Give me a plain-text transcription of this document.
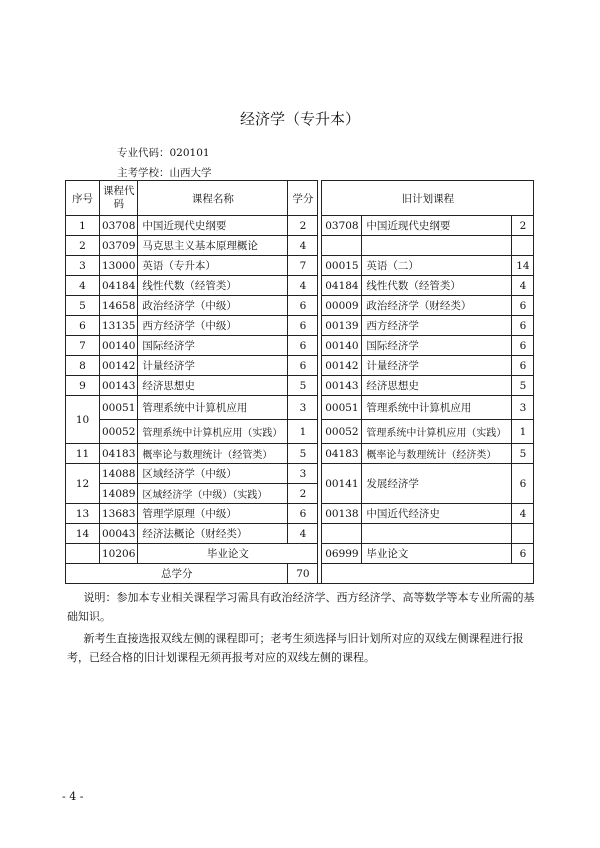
经济学（专升本）
专业代码：020101
主考学校：山西大学
序号	课程代码	课程名称	学分		旧计划课程		
1	03708	中国近现代史纲要	2		03708	中国近现代史纲要	2
2	03709	马克思主义基本原理概论	4				
3	13000	英语（专升本）	7		00015	英语（二）	14
4	04184	线性代数（经管类）	4		04184	线性代数（经管类）	4
5	14658	政治经济学（中级）	6		00009	政治经济学（财经类）	6
6	13135	西方经济学（中级）	6		00139	西方经济学	6
7	00140	国际经济学	6		00140	国际经济学	6
8	00142	计量经济学	6		00142	计量经济学	6
9	00143	经济思想史	5		00143	经济思想史	5
10	00051	管理系统中计算机应用	3		00051	管理系统中计算机应用	3
	00052	管理系统中计算机应用（实践）	1		00052	管理系统中计算机应用（实践）	1
11	04183	概率论与数理统计（经管类）	5		04183	概率论与数理统计（经济类）	5
12	14088	区域经济学（中级）	3		00141	发展经济学	6
	14089	区域经济学（中级）（实践）	2				
13	13683	管理学原理（中级）	6		00138	中国近代经济史	4
14	00043	经济法概论（财经类）	4				
	10206	毕业论文			06999	毕业论文	6
总学分			70				
说明：参加本专业相关课程学习需具有政治经济学、西方经济学、高等数学等本专业所需的基础知识。
新考生直接选报双线左侧的课程即可；老考生须选择与旧计划所对应的双线左侧课程进行报考，已经合格的旧计划课程无须再报考对应的双线左侧的课程。
- 4 -
